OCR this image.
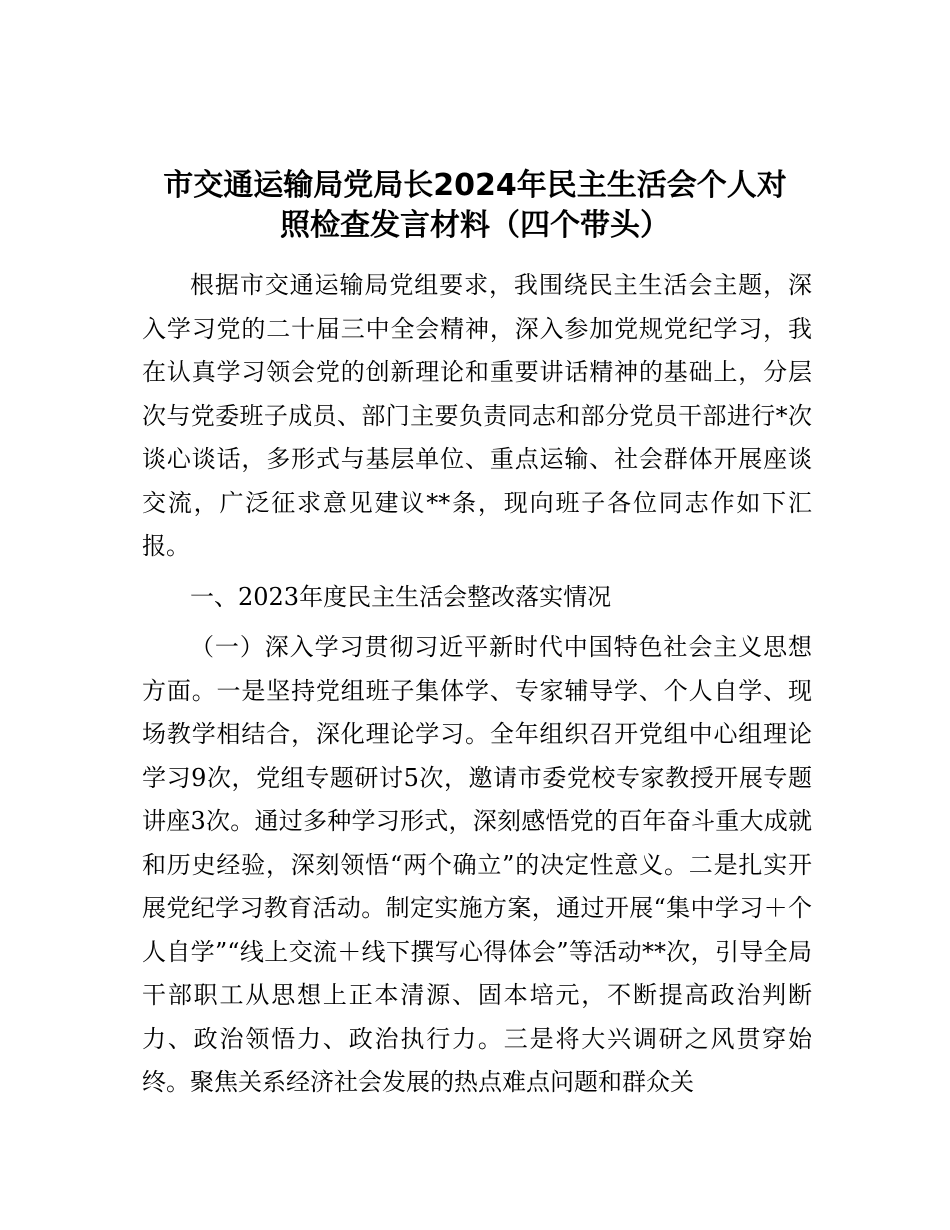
市交通运输局党局长2024年民主生活会个人对
照检查发言材料（四个带头）

根据市交通运输局党组要求，我围绕民主生活会主题，深入学习党的二十届三中全会精神，深入参加党规党纪学习，我在认真学习领会党的创新理论和重要讲话精神的基础上，分层次与党委班子成员、部门主要负责同志和部分党员干部进行*次谈心谈话，多形式与基层单位、重点运输、社会群体开展座谈交流，广泛征求意见建议**条，现向班子各位同志作如下汇报。

一、2023年度民主生活会整改落实情况

（一）深入学习贯彻习近平新时代中国特色社会主义思想方面。一是坚持党组班子集体学、专家辅导学、个人自学、现场教学相结合，深化理论学习。全年组织召开党组中心组理论学习9次，党组专题研讨5次，邀请市委党校专家教授开展专题讲座3次。通过多种学习形式，深刻感悟党的百年奋斗重大成就和历史经验，深刻领悟“两个确立”的决定性意义。二是扎实开展党纪学习教育活动。制定实施方案，通过开展“集中学习＋个人自学”“线上交流＋线下撰写心得体会”等活动**次，引导全局干部职工从思想上正本清源、固本培元，不断提高政治判断力、政治领悟力、政治执行力。三是将大兴调研之风贯穿始终。聚焦关系经济社会发展的热点难点问题和群众关
